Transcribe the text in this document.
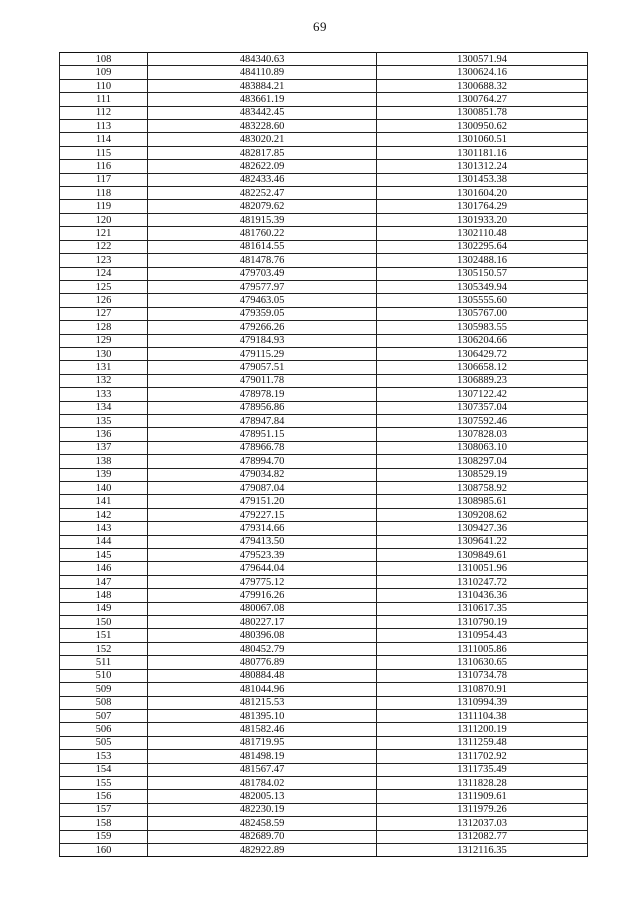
69
108	484340.63	1300571.94
109	484110.89	1300624.16
110	483884.21	1300688.32
111	483661.19	1300764.27
112	483442.45	1300851.78
113	483228.60	1300950.62
114	483020.21	1301060.51
115	482817.85	1301181.16
116	482622.09	1301312.24
117	482433.46	1301453.38
118	482252.47	1301604.20
119	482079.62	1301764.29
120	481915.39	1301933.20
121	481760.22	1302110.48
122	481614.55	1302295.64
123	481478.76	1302488.16
124	479703.49	1305150.57
125	479577.97	1305349.94
126	479463.05	1305555.60
127	479359.05	1305767.00
128	479266.26	1305983.55
129	479184.93	1306204.66
130	479115.29	1306429.72
131	479057.51	1306658.12
132	479011.78	1306889.23
133	478978.19	1307122.42
134	478956.86	1307357.04
135	478947.84	1307592.46
136	478951.15	1307828.03
137	478966.78	1308063.10
138	478994.70	1308297.04
139	479034.82	1308529.19
140	479087.04	1308758.92
141	479151.20	1308985.61
142	479227.15	1309208.62
143	479314.66	1309427.36
144	479413.50	1309641.22
145	479523.39	1309849.61
146	479644.04	1310051.96
147	479775.12	1310247.72
148	479916.26	1310436.36
149	480067.08	1310617.35
150	480227.17	1310790.19
151	480396.08	1310954.43
152	480452.79	1311005.86
511	480776.89	1310630.65
510	480884.48	1310734.78
509	481044.96	1310870.91
508	481215.53	1310994.39
507	481395.10	1311104.38
506	481582.46	1311200.19
505	481719.95	1311259.48
153	481498.19	1311702.92
154	481567.47	1311735.49
155	481784.02	1311828.28
156	482005.13	1311909.61
157	482230.19	1311979.26
158	482458.59	1312037.03
159	482689.70	1312082.77
160	482922.89	1312116.35
